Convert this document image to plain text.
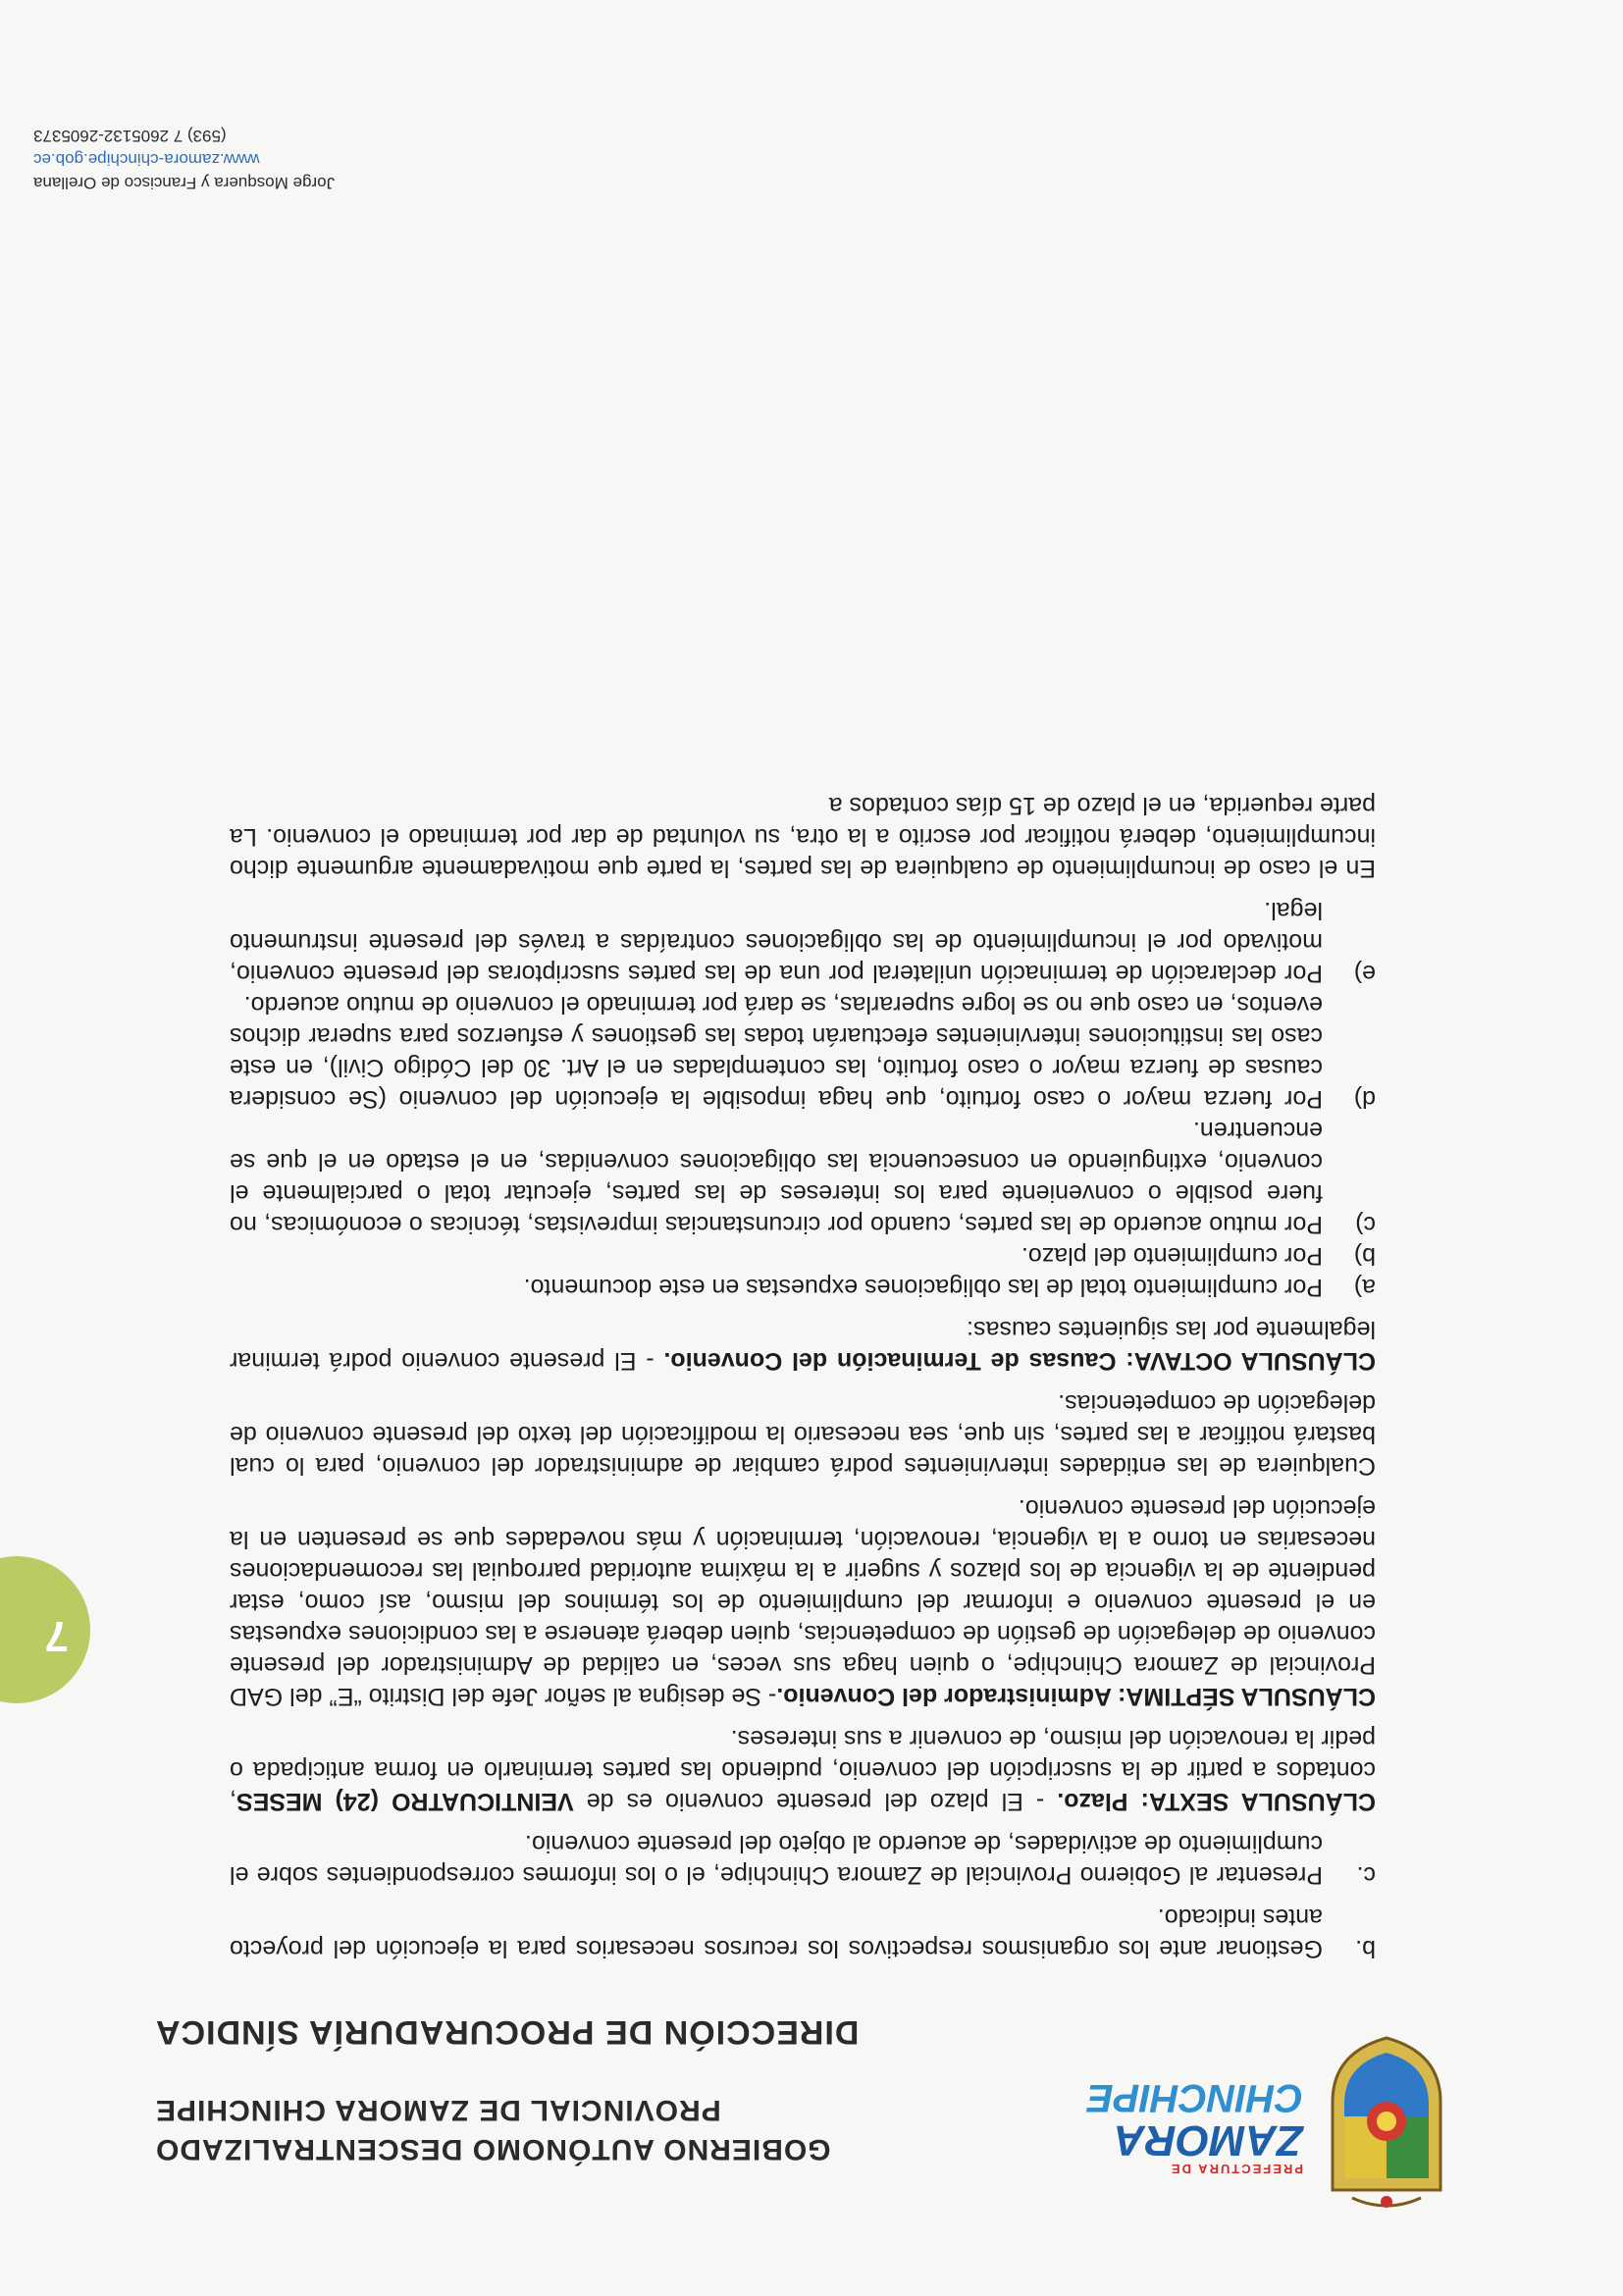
PREFECTURA DE
ZAMORA
CHINCHIPE
GOBIERNO AUTÓNOMO DESCENTRALIZADO
PROVINCIAL DE ZAMORA CHINCHIPE
DIRECCIÓN DE PROCURADURÍA SÍNDICA
7
b.
Gestionar ante los organismos respectivos los recursos necesarios para la ejecución del proyecto antes indicado.

c.
Presentar al Gobierno Provincial de Zamora Chinchipe, el o los informes correspondientes sobre el cumplimiento de actividades, de acuerdo al objeto del presente convenio.

CLÁUSULA SEXTA: Plazo. - El plazo del presente convenio es de VEINTICUATRO (24) MESES, contados a partir de la suscripción del convenio, pudiendo las partes terminarlo en forma anticipada o pedir la renovación del mismo, de convenir a sus intereses.

CLÁUSULA SÉPTIMA: Administrador del Convenio.- Se designa al señor Jefe del Distrito “E” del GAD Provincial de Zamora Chinchipe, o quien haga sus veces, en calidad de Administrador del presente convenio de delegación de gestión de competencias, quien deberá atenerse a las condiciones expuestas en el presente convenio e informar del cumplimiento de los términos del mismo, así como, estar pendiente de la vigencia de los plazos y sugerir a la máxima autoridad parroquial las recomendaciones necesarias en torno a la vigencia, renovación, terminación y más novedades que se presenten en la ejecución del presente convenio.

Cualquiera de las entidades intervinientes podrá cambiar de administrador del convenio, para lo cual bastará notificar a las partes, sin que, sea necesario la modificación del texto del presente convenio de delegación de competencias.

CLÁUSULA OCTAVA: Causas de Terminación del Convenio. - El presente convenio podrá terminar legalmente por las siguientes causas:

a)
Por cumplimiento total de las obligaciones expuestas en este documento.
b)
Por cumplimiento del plazo.
c)
Por mutuo acuerdo de las partes, cuando por circunstancias imprevistas, técnicas o económicas, no fuere posible o conveniente para los intereses de las partes, ejecutar total o parcialmente el convenio, extinguiendo en consecuencia las obligaciones convenidas, en el estado en el que se encuentren.
d)
Por fuerza mayor o caso fortuito, que haga imposible la ejecución del convenio (Se considera causas de fuerza mayor o caso fortuito, las contempladas en el Art. 30 del Código Civil), en este caso las instituciones intervinientes efectuarán todas las gestiones y esfuerzos para superar dichos eventos, en caso que no se logre superarlas, se dará por terminado el convenio de mutuo acuerdo.
e)
Por declaración de terminación unilateral por una de las partes suscriptoras del presente convenio, motivado por el incumplimiento de las obligaciones contraídas a través del presente instrumento legal.

En el caso de incumplimiento de cualquiera de las partes, la parte que motivadamente argumente dicho incumplimiento, deberá notificar por escrito a la otra, su voluntad de dar por terminado el convenio. La parte requerida, en el plazo de 15 días contados a

Jorge Mosquera y Francisco de Orellana
www.zamora-chinchipe.gob.ec
(593) 7 2605132-2605373
